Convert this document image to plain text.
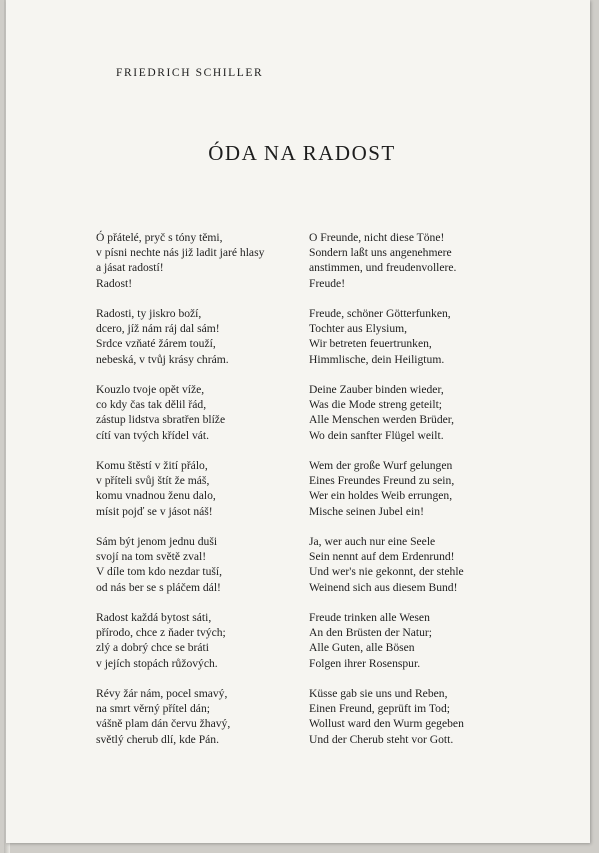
FRIEDRICH SCHILLER
ÓDA NA RADOST
Ó přátelé, pryč s tóny těmi,
v písni nechte nás již ladit jaré hlasy
a jásat radostí!
Radost!
Radosti, ty jiskro boží,
dcero, jíž nám ráj dal sám!
Srdce vzňaté žárem touží,
nebeská, v tvůj krásy chrám.
Kouzlo tvoje opět víže,
co kdy čas tak dělil řád,
zástup lidstva sbratřen blíže
cítí van tvých křídel vát.
Komu štěstí v žití přálo,
v příteli svůj štít že máš,
komu vnadnou ženu dalo,
mísit pojď se v jásot náš!
Sám být jenom jednu duši
svojí na tom světě zval!
V díle tom kdo nezdar tuší,
od nás ber se s pláčem dál!
Radost každá bytost sáti,
přírodo, chce z ňader tvých;
zlý a dobrý chce se bráti
v jejích stopách růžových.
Révy žár nám, pocel smavý,
na smrt věrný přítel dán;
vášně plam dán červu žhavý,
světlý cherub dlí, kde Pán.
O Freunde, nicht diese Töne!
Sondern laßt uns angenehmere
anstimmen, und freudenvollere.
Freude!
Freude, schöner Götterfunken,
Tochter aus Elysium,
Wir betreten feuertrunken,
Himmlische, dein Heiligtum.
Deine Zauber binden wieder,
Was die Mode streng geteilt;
Alle Menschen werden Brüder,
Wo dein sanfter Flügel weilt.
Wem der große Wurf gelungen
Eines Freundes Freund zu sein,
Wer ein holdes Weib errungen,
Mische seinen Jubel ein!
Ja, wer auch nur eine Seele
Sein nennt auf dem Erdenrund!
Und wer's nie gekonnt, der stehle
Weinend sich aus diesem Bund!
Freude trinken alle Wesen
An den Brüsten der Natur;
Alle Guten, alle Bösen
Folgen ihrer Rosenspur.
Küsse gab sie uns und Reben,
Einen Freund, geprüft im Tod;
Wollust ward den Wurm gegeben
Und der Cherub steht vor Gott.
